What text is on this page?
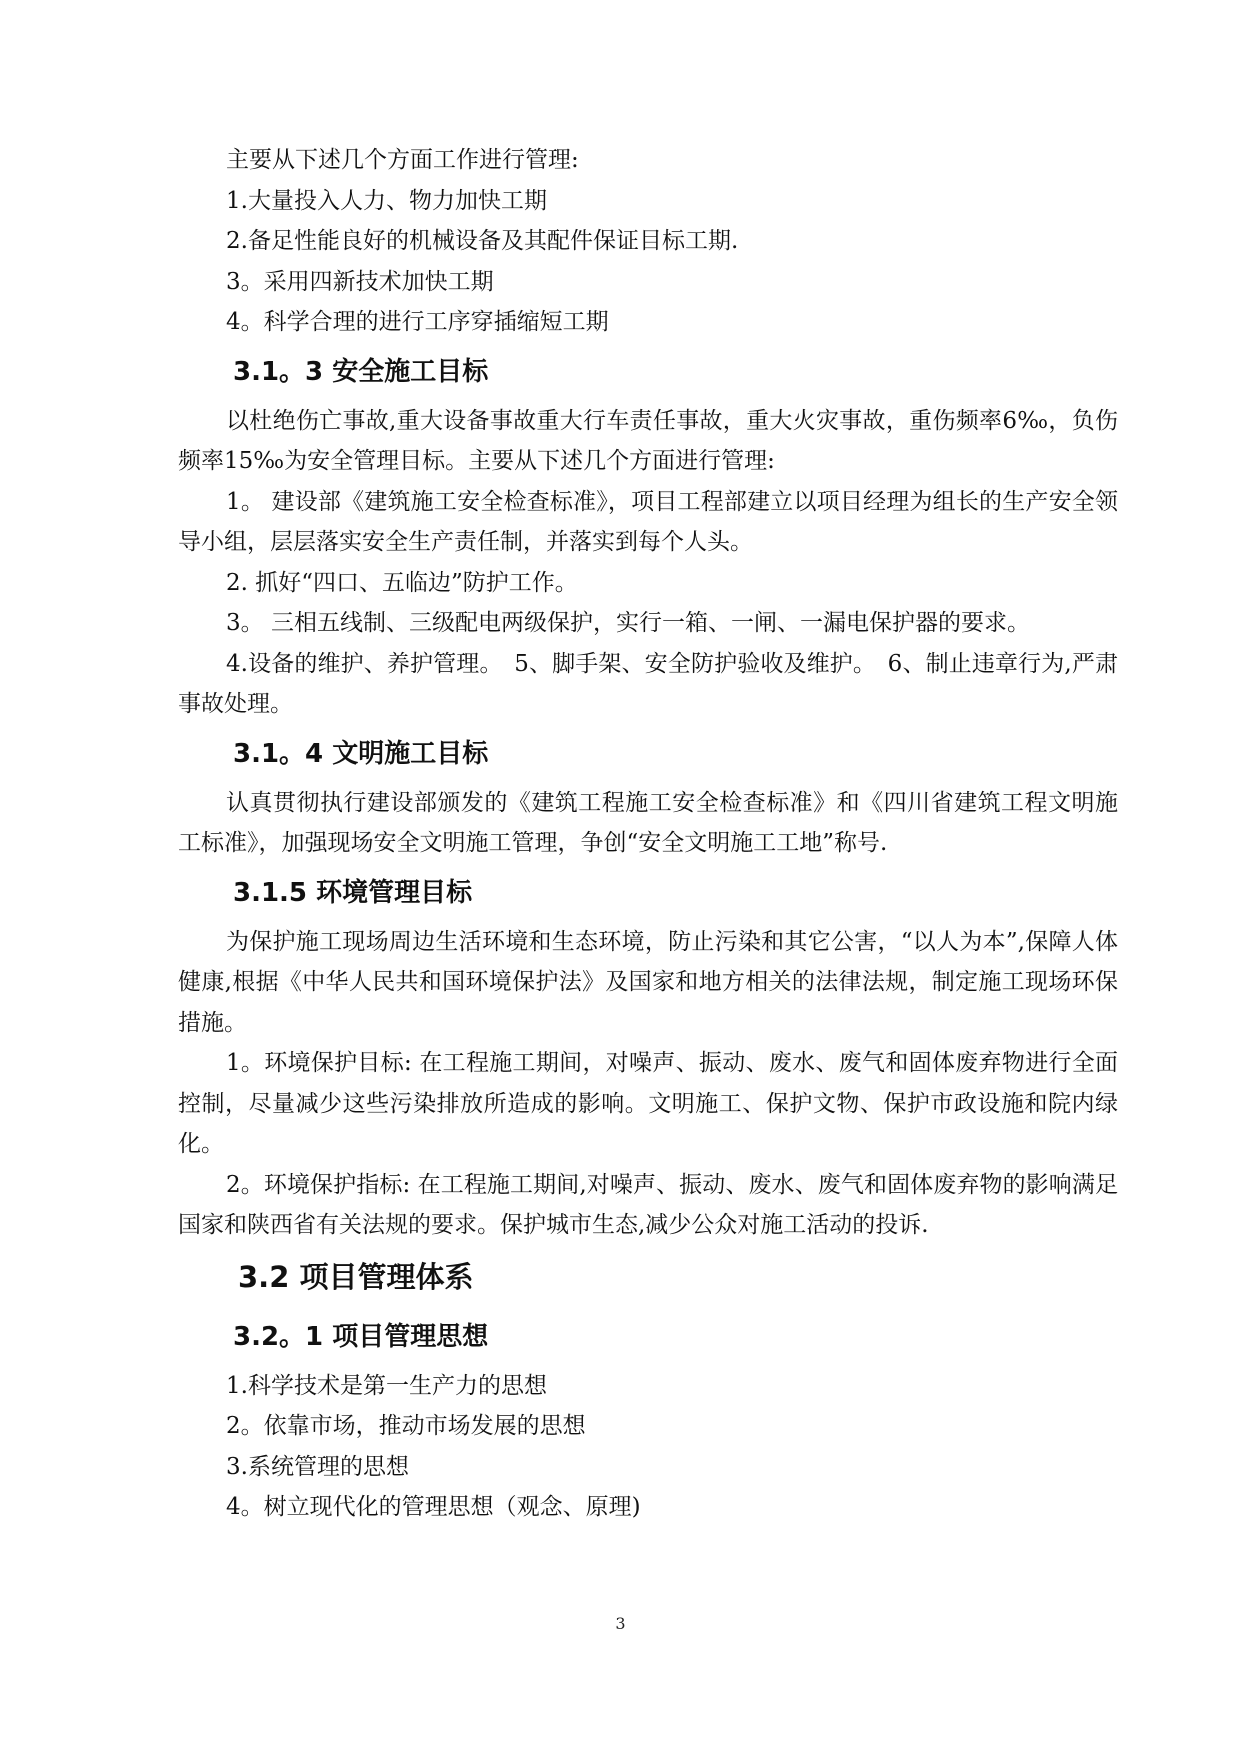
主要从下述几个方面工作进行管理:

1.大量投入人力、物力加快工期

2.备足性能良好的机械设备及其配件保证目标工期.

3。采用四新技术加快工期

4。科学合理的进行工序穿插缩短工期

3.1。3 安全施工目标

以杜绝伤亡事故,重大设备事故重大行车责任事故，重大火灾事故，重伤频率6‰，负伤频率15‰为安全管理目标。主要从下述几个方面进行管理:

1。 建设部《建筑施工安全检查标准》，项目工程部建立以项目经理为组长的生产安全领导小组，层层落实安全生产责任制，并落实到每个人头。

2. 抓好“四口、五临边”防护工作。

3。 三相五线制、三级配电两级保护，实行一箱、一闸、一漏电保护器的要求。

4.设备的维护、养护管理。　5、脚手架、安全防护验收及维护。　6、制止违章行为,严肃事故处理。

3.1。4 文明施工目标

认真贯彻执行建设部颁发的《建筑工程施工安全检查标准》和《四川省建筑工程文明施工标准》，加强现场安全文明施工管理，争创“安全文明施工工地”称号.

3.1.5 环境管理目标

为保护施工现场周边生活环境和生态环境，防止污染和其它公害，“以人为本”,保障人体健康,根据《中华人民共和国环境保护法》及国家和地方相关的法律法规，制定施工现场环保措施。

1。环境保护目标: 在工程施工期间，对噪声、振动、废水、废气和固体废弃物进行全面控制，尽量减少这些污染排放所造成的影响。文明施工、保护文物、保护市政设施和院内绿化。

2。环境保护指标: 在工程施工期间,对噪声、振动、废水、废气和固体废弃物的影响满足国家和陕西省有关法规的要求。保护城市生态,减少公众对施工活动的投诉.

3.2 项目管理体系

3.2。1 项目管理思想

1.科学技术是第一生产力的思想

2。依靠市场，推动市场发展的思想

3.系统管理的思想

4。树立现代化的管理思想（观念、原理)

3
